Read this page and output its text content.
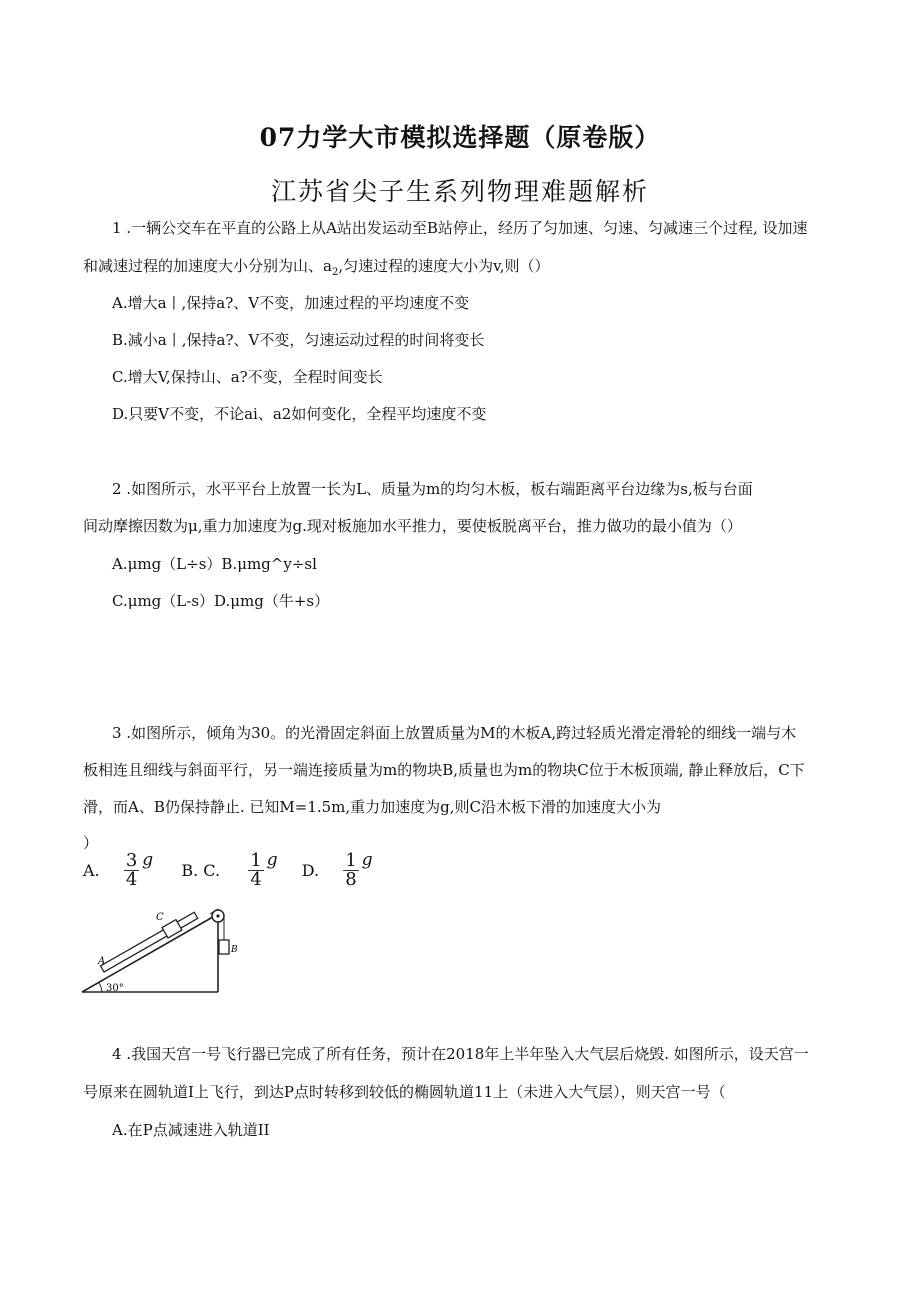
07力学大市模拟选择题（原卷版）
江苏省尖子生系列物理难题解析
1 .一辆公交车在平直的公路上从A站出发运动至B站停止，经历了匀加速、匀速、匀减速三个过程, 设加速
和减速过程的加速度大小分别为山、$a_2$,匀速过程的速度大小为v,则（）
A.增大a丨,保持a?、V不变，加速过程的平均速度不变
B.减小a丨,保持a?、V不变，匀速运动过程的时间将变长
C.增大V,保持山、a?不变，全程时间变长
D.只要V不变，不论ai、a2如何变化，全程平均速度不变
2 .如图所示，水平平台上放置一长为L、质量为m的均匀木板，板右端距离平台边缘为s,板与台面
间动摩擦因数为μ,重力加速度为g.现对板施加水平推力，要使板脱离平台，推力做功的最小值为（）
A.μmg（L÷s）B.μmg^y÷sl
C.μmg（L-s）D.μmg（牛+s）
3 .如图所示，倾角为30。的光滑固定斜面上放置质量为M的木板A,跨过轻质光滑定滑轮的细线一端与木
板相连且细线与斜面平行，另一端连接质量为m的物块B,质量也为m的物块C位于木板顶端, 静止释放后，C下
滑，而A、B仍保持静止. 已知M=1.5m,重力加速度为g,则C沿木板下滑的加速度大小为
）
A. $\frac{3}{4}$ g  B. C. $\frac{1}{4}$ g  D. $\frac{1}{8}$ g
C
A
B
30°
4 .我国天宫一号飞行器已完成了所有任务，预计在2018年上半年坠入大气层后烧毁. 如图所示，设天宫一
号原来在圆轨道I上飞行，到达P点时转移到较低的椭圆轨道11上（未进入大气层），则天宫一号（
A.在P点减速进入轨道II
